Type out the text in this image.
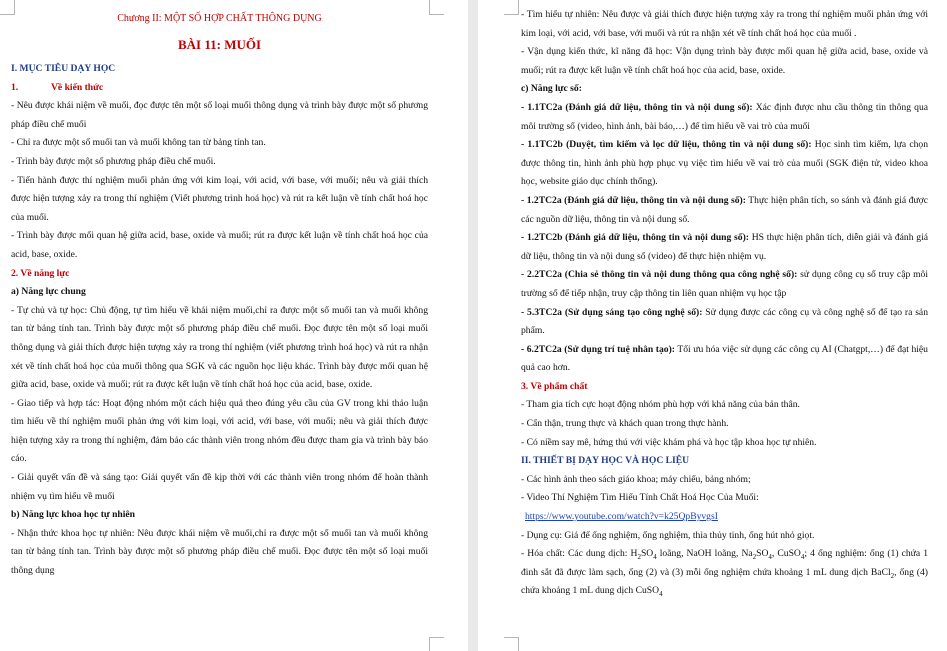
Chương II: MỘT SỐ HỢP CHẤT THÔNG DỤNG

BÀI 11: MUỐI

I. MỤC TIÊU DẠY HỌC

1.	Về kiến thức

- Nêu được khái niệm về muối, đọc được tên một số loại muối thông dụng và trình bày được một số phương pháp điều chế muối

- Chỉ ra được một số muối tan và muối không tan từ bảng tính tan.

- Trình bày được một số phương pháp điều chế muối.

- Tiến hành được thí nghiệm muối phản ứng với kim loại, với acid, với base, với muối; nêu và giải thích được hiện tượng xảy ra trong thí nghiệm (Viết phương trình hoá học) và rút ra kết luận về tính chất hoá học của muối.

- Trình bày được mối quan hệ giữa acid, base, oxide và muối; rút ra được kết luận về tính chất hoá học của acid, base, oxide.

2. Về năng lực

a) Năng lực chung

- Tự chủ và tự học: Chủ động, tự tìm hiểu về khái niệm muối,chỉ ra được một số muối tan và muối không tan từ bảng tính tan. Trình bày được một số phương pháp điều chế muối. Đọc được tên một số loại muối thông dụng và giải thích được hiện tượng xảy ra trong thí nghiệm (viết phương trình hoá học) và rút ra nhận xét về tính chất hoá học của muối thông qua SGK và các nguồn học liệu khác. Trình bày được mối quan hệ giữa acid, base, oxide và muối; rút ra được kết luận về tính chất hoá học của acid, base, oxide.

- Giao tiếp và hợp tác: Hoạt động nhóm một cách hiệu quả theo đúng yêu cầu của GV trong khi thảo luận tìm hiểu về thí nghiệm muối phản ứng với kim loại, với acid, với base, với muối; nêu và giải thích được hiện tượng xảy ra trong thí nghiệm, đảm bảo các thành viên trong nhóm đều được tham gia và trình bày báo cáo.

- Giải quyết vấn đề và sáng tạo: Giải quyết vấn đề kịp thời với các thành viên trong nhóm để hoàn thành nhiệm vụ tìm hiểu về muối

b) Năng lực khoa học tự nhiên

- Nhận thức khoa học tự nhiên: Nêu được khái niệm về muối,chỉ ra được một số muối tan và muối không tan từ bảng tính tan. Trình bày được một số phương pháp điều chế muối. Đọc được tên một số loại muối thông dụng

- Tìm hiểu tự nhiên: Nêu được và giải thích được hiện tượng xảy ra trong thí nghiệm muối phản ứng với kim loại, với acid, với base, với muối và rút ra nhận xét về tính chất hoá học của muối .

- Vận dụng kiến thức, kĩ năng đã học: Vận dụng trình bày được mối quan hệ giữa acid, base, oxide và muối; rút ra được kết luận về tính chất hoá học của acid, base, oxide.

c) Năng lực số:

- 1.1TC2a (Đánh giá dữ liệu, thông tin và nội dung số): Xác định được nhu cầu thông tin thông qua môi trường số (video, hình ảnh, bài báo,…) để tìm hiểu về vai trò của muối

- 1.1TC2b (Duyệt, tìm kiếm và lọc dữ liệu, thông tin và nội dung số): Học sinh tìm kiếm, lựa chọn được thông tin, hình ảnh phù hợp phục vụ việc tìm hiểu về vai trò của muối (SGK điện tử, video khoa học, website giáo dục chính thống).

- 1.2TC2a (Đánh giá dữ liệu, thông tin và nội dung số): Thực hiện phân tích, so sánh và đánh giá được các nguồn dữ liệu, thông tin và nội dung số.

- 1.2TC2b (Đánh giá dữ liệu, thông tin và nội dung số): HS thực hiện phân tích, diễn giải và đánh giá dữ liệu, thông tin và nội dung số (video) để thực hiện nhiệm vụ.

- 2.2TC2a (Chia sẻ thông tin và nội dung thông qua công nghệ số): sử dụng công cụ số truy cập môi trường số để tiếp nhận, truy cập thông tin liên quan nhiệm vụ học tập

- 5.3TC2a (Sử dụng sáng tạo công nghệ số): Sử dụng được các công cụ và công nghệ số để tạo ra sản phẩm.

- 6.2TC2a (Sử dụng trí tuệ nhân tạo): Tối ưu hóa việc sử dụng các công cụ AI (Chatgpt,…) để đạt hiệu quả cao hơn.

3. Về phẩm chất

- Tham gia tích cực hoạt động nhóm phù hợp với khả năng của bản thân.

- Cẩn thận, trung thực và khách quan trong thực hành.

- Có niềm say mê, hứng thú với việc khám phá và học tập khoa học tự nhiên.

II. THIẾT BỊ DẠY HỌC VÀ HỌC LIỆU

- Các hình ảnh theo sách giáo khoa; máy chiếu, bảng nhóm;

- Video Thí Nghiệm Tìm Hiểu Tính Chất Hoá Học Của Muối:

https://www.youtube.com/watch?v=k25QpByvgsI

- Dụng cụ: Giá để ống nghiệm, ống nghiệm, thìa thủy tinh, ống hút nhỏ giọt.

- Hóa chất: Các dung dịch: $H_2SO_4$ loãng, NaOH loãng, $Na_2SO_4$, CuSO$_4$; 4 ống nghiệm: ống (1) chứa 1 đinh sắt đã được làm sạch, ống (2) và (3) mỗi ống nghiệm chứa khoảng 1 mL dung dịch BaCl$_2$, ống (4) chứa khoảng 1 mL dung dịch CuSO$_4$
